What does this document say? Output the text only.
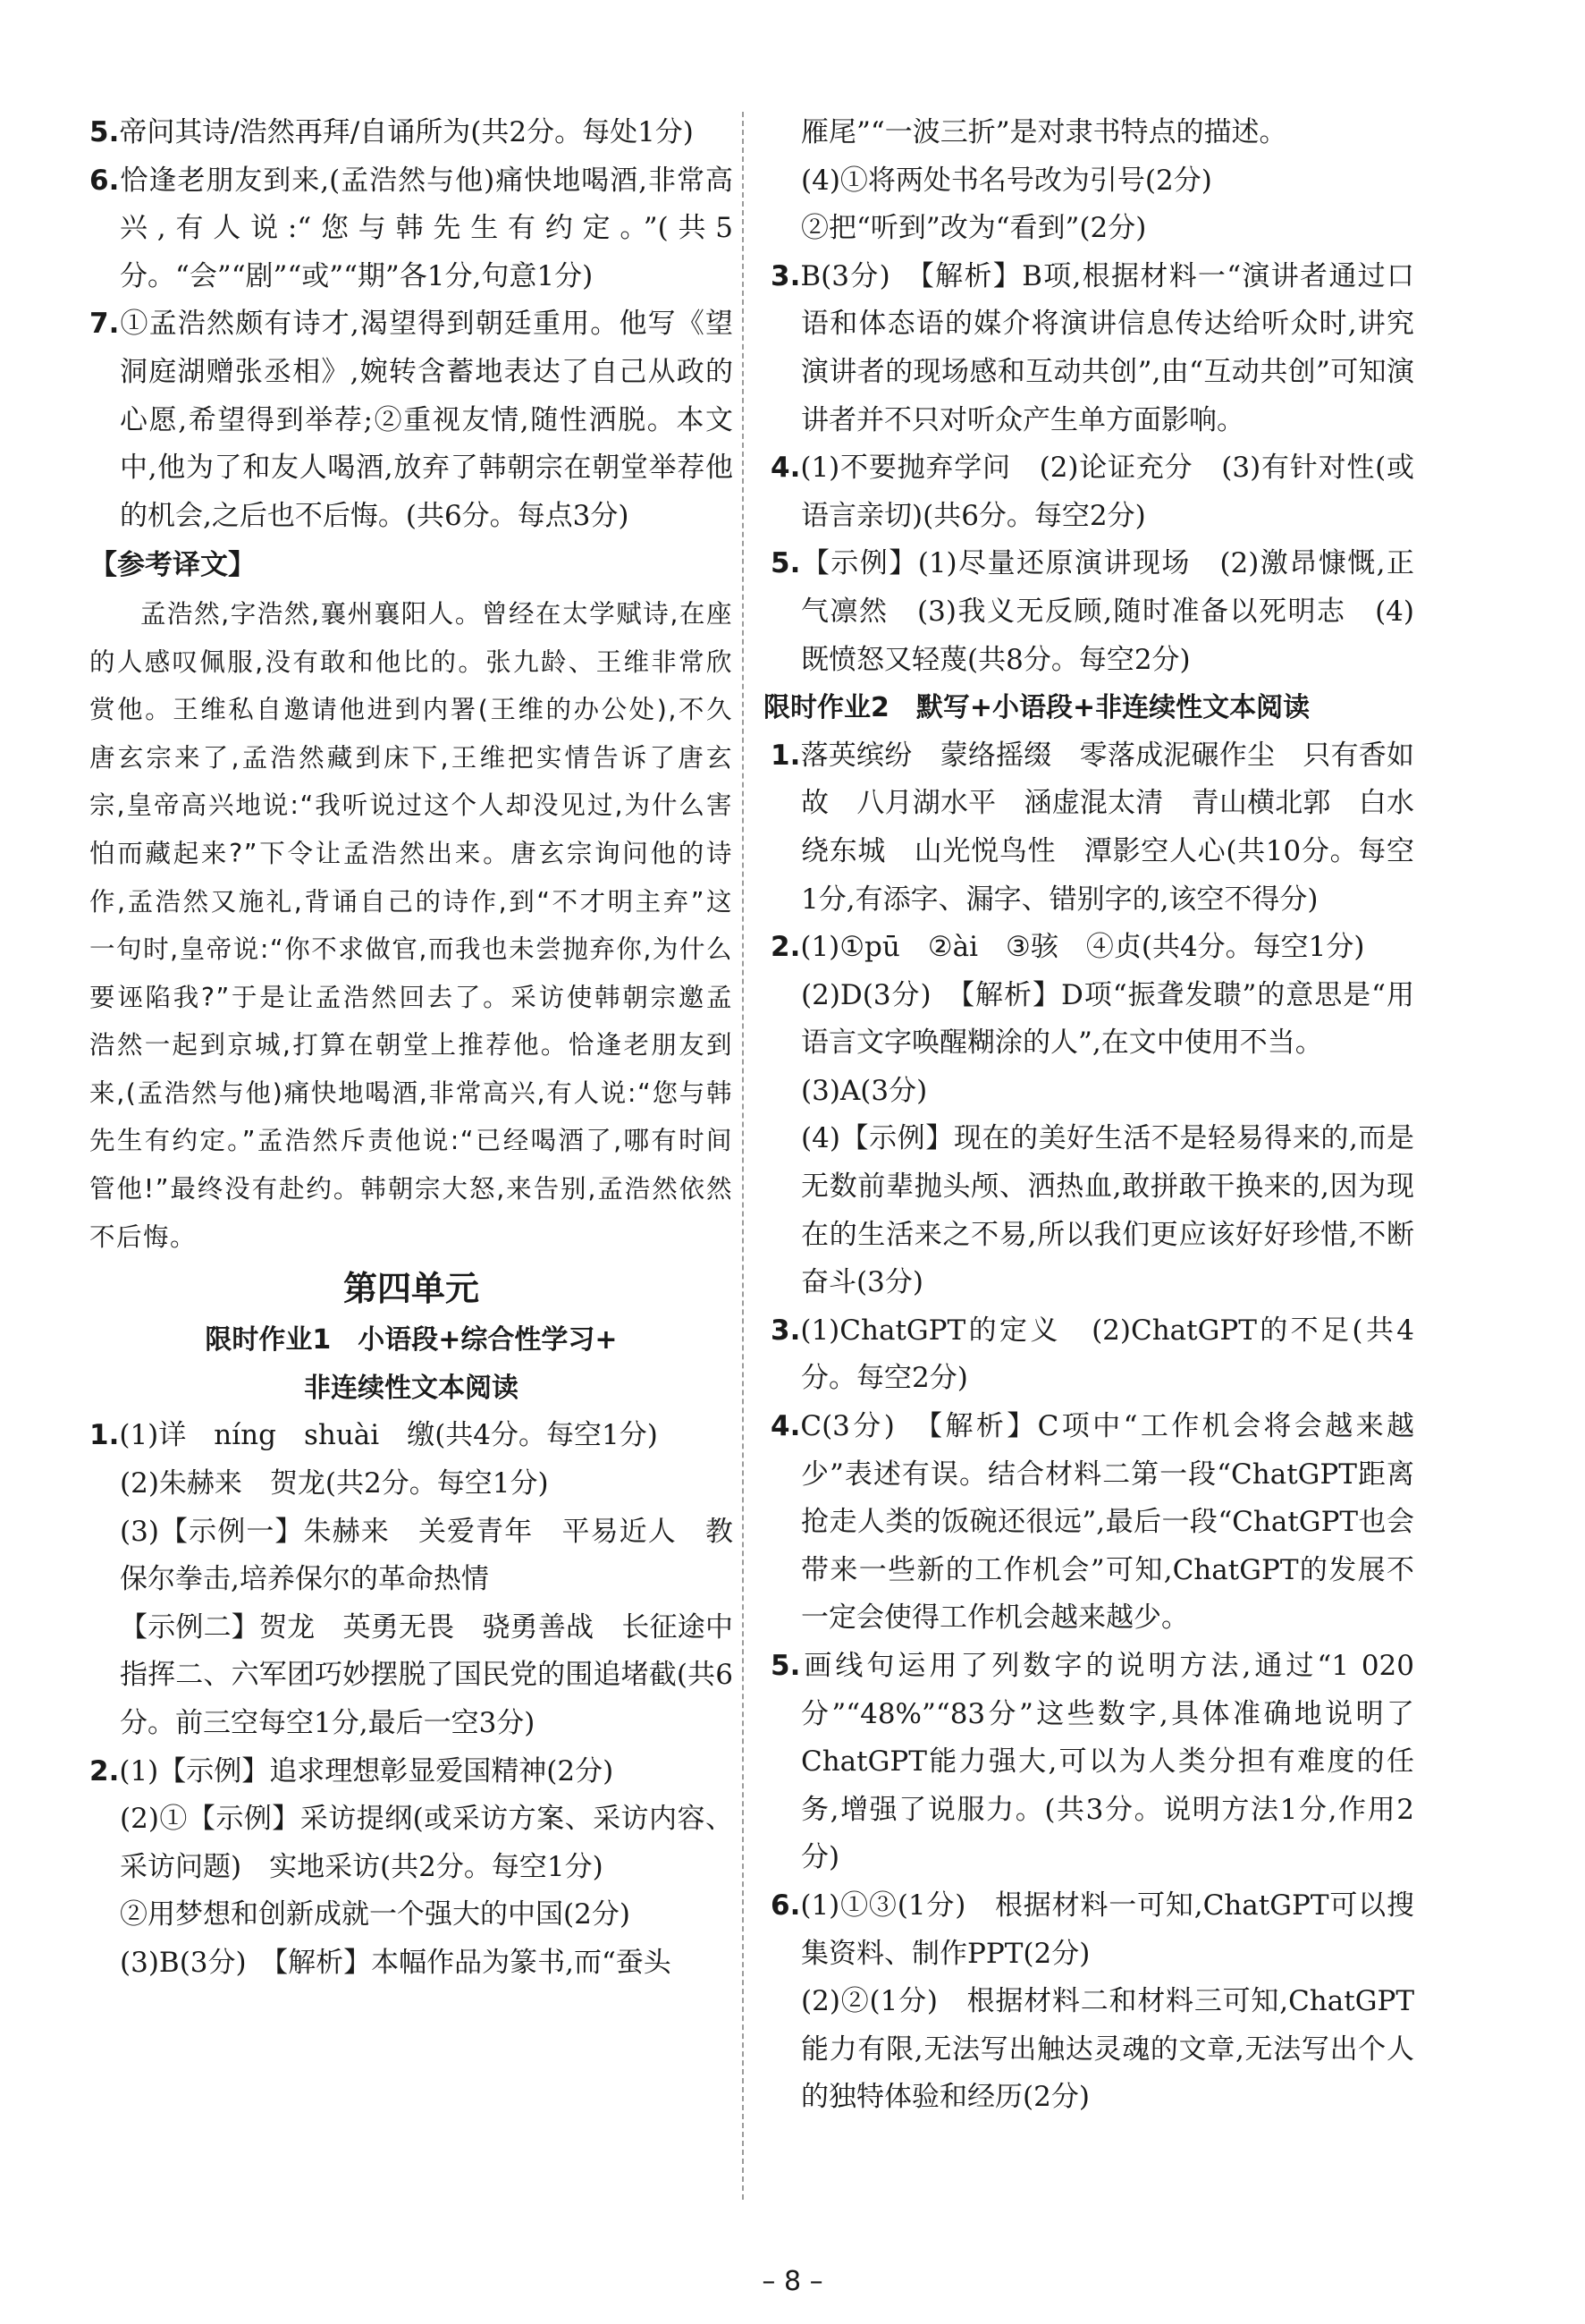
5.帝问其诗/浩然再拜/自诵所为(共2分。每处1分)
6.恰逢老朋友到来,(孟浩然与他)痛快地喝酒,非常高兴,有人说:“您与韩先生有约定。”(共5分。“会”“剧”“或”“期”各1分,句意1分)
7.①孟浩然颇有诗才,渴望得到朝廷重用。他写《望洞庭湖赠张丞相》,婉转含蓄地表达了自己从政的心愿,希望得到举荐;②重视友情,随性洒脱。本文中,他为了和友人喝酒,放弃了韩朝宗在朝堂举荐他的机会,之后也不后悔。(共6分。每点3分)
【参考译文】
孟浩然,字浩然,襄州襄阳人。曾经在太学赋诗,在座的人感叹佩服,没有敢和他比的。张九龄、王维非常欣赏他。王维私自邀请他进到内署(王维的办公处),不久唐玄宗来了,孟浩然藏到床下,王维把实情告诉了唐玄宗,皇帝高兴地说:“我听说过这个人却没见过,为什么害怕而藏起来?”下令让孟浩然出来。唐玄宗询问他的诗作,孟浩然又施礼,背诵自己的诗作,到“不才明主弃”这一句时,皇帝说:“你不求做官,而我也未尝抛弃你,为什么要诬陷我?”于是让孟浩然回去了。采访使韩朝宗邀孟浩然一起到京城,打算在朝堂上推荐他。恰逢老朋友到来,(孟浩然与他)痛快地喝酒,非常高兴,有人说:“您与韩先生有约定。”孟浩然斥责他说:“已经喝酒了,哪有时间管他!”最终没有赴约。韩朝宗大怒,来告别,孟浩然依然不后悔。
第四单元
限时作业1　小语段+综合性学习+
非连续性文本阅读
1.(1)详　níng　shuài　缴(共4分。每空1分)
(2)朱赫来　贺龙(共2分。每空1分)
(3)【示例一】朱赫来　关爱青年　平易近人　教保尔拳击,培养保尔的革命热情
【示例二】贺龙　英勇无畏　骁勇善战　长征途中指挥二、六军团巧妙摆脱了国民党的围追堵截(共6分。前三空每空1分,最后一空3分)
2.(1)【示例】追求理想彰显爱国精神(2分)
(2)①【示例】采访提纲(或采访方案、采访内容、采访问题)　实地采访(共2分。每空1分)
②用梦想和创新成就一个强大的中国(2分)
(3)B(3分)　【解析】本幅作品为篆书,而“蚕头
雁尾”“一波三折”是对隶书特点的描述。
(4)①将两处书名号改为引号(2分)
②把“听到”改为“看到”(2分)
3.B(3分)　【解析】B项,根据材料一“演讲者通过口语和体态语的媒介将演讲信息传达给听众时,讲究演讲者的现场感和互动共创”,由“互动共创”可知演讲者并不只对听众产生单方面影响。
4.(1)不要抛弃学问　(2)论证充分　(3)有针对性(或语言亲切)(共6分。每空2分)
5.【示例】(1)尽量还原演讲现场　(2)激昂慷慨,正气凛然　(3)我义无反顾,随时准备以死明志　(4)既愤怒又轻蔑(共8分。每空2分)
限时作业2　默写+小语段+非连续性文本阅读
1.落英缤纷　蒙络摇缀　零落成泥碾作尘　只有香如故　八月湖水平　涵虚混太清　青山横北郭　白水绕东城　山光悦鸟性　潭影空人心(共10分。每空1分,有添字、漏字、错别字的,该空不得分)
2.(1)①pū　②ài　③骇　④贞(共4分。每空1分)
(2)D(3分)　【解析】D项“振聋发聩”的意思是“用语言文字唤醒糊涂的人”,在文中使用不当。
(3)A(3分)
(4)【示例】现在的美好生活不是轻易得来的,而是无数前辈抛头颅、洒热血,敢拼敢干换来的,因为现在的生活来之不易,所以我们更应该好好珍惜,不断奋斗(3分)
3.(1)ChatGPT的定义　(2)ChatGPT的不足(共4分。每空2分)
4.C(3分)　【解析】C项中“工作机会将会越来越少”表述有误。结合材料二第一段“ChatGPT距离抢走人类的饭碗还很远”,最后一段“ChatGPT也会带来一些新的工作机会”可知,ChatGPT的发展不一定会使得工作机会越来越少。
5.画线句运用了列数字的说明方法,通过“1 020分”“48%”“83分”这些数字,具体准确地说明了ChatGPT能力强大,可以为人类分担有难度的任务,增强了说服力。(共3分。说明方法1分,作用2分)
6.(1)①③(1分)　根据材料一可知,ChatGPT可以搜集资料、制作PPT(2分)
(2)②(1分)　根据材料二和材料三可知,ChatGPT能力有限,无法写出触达灵魂的文章,无法写出个人的独特体验和经历(2分)
– 8 –
